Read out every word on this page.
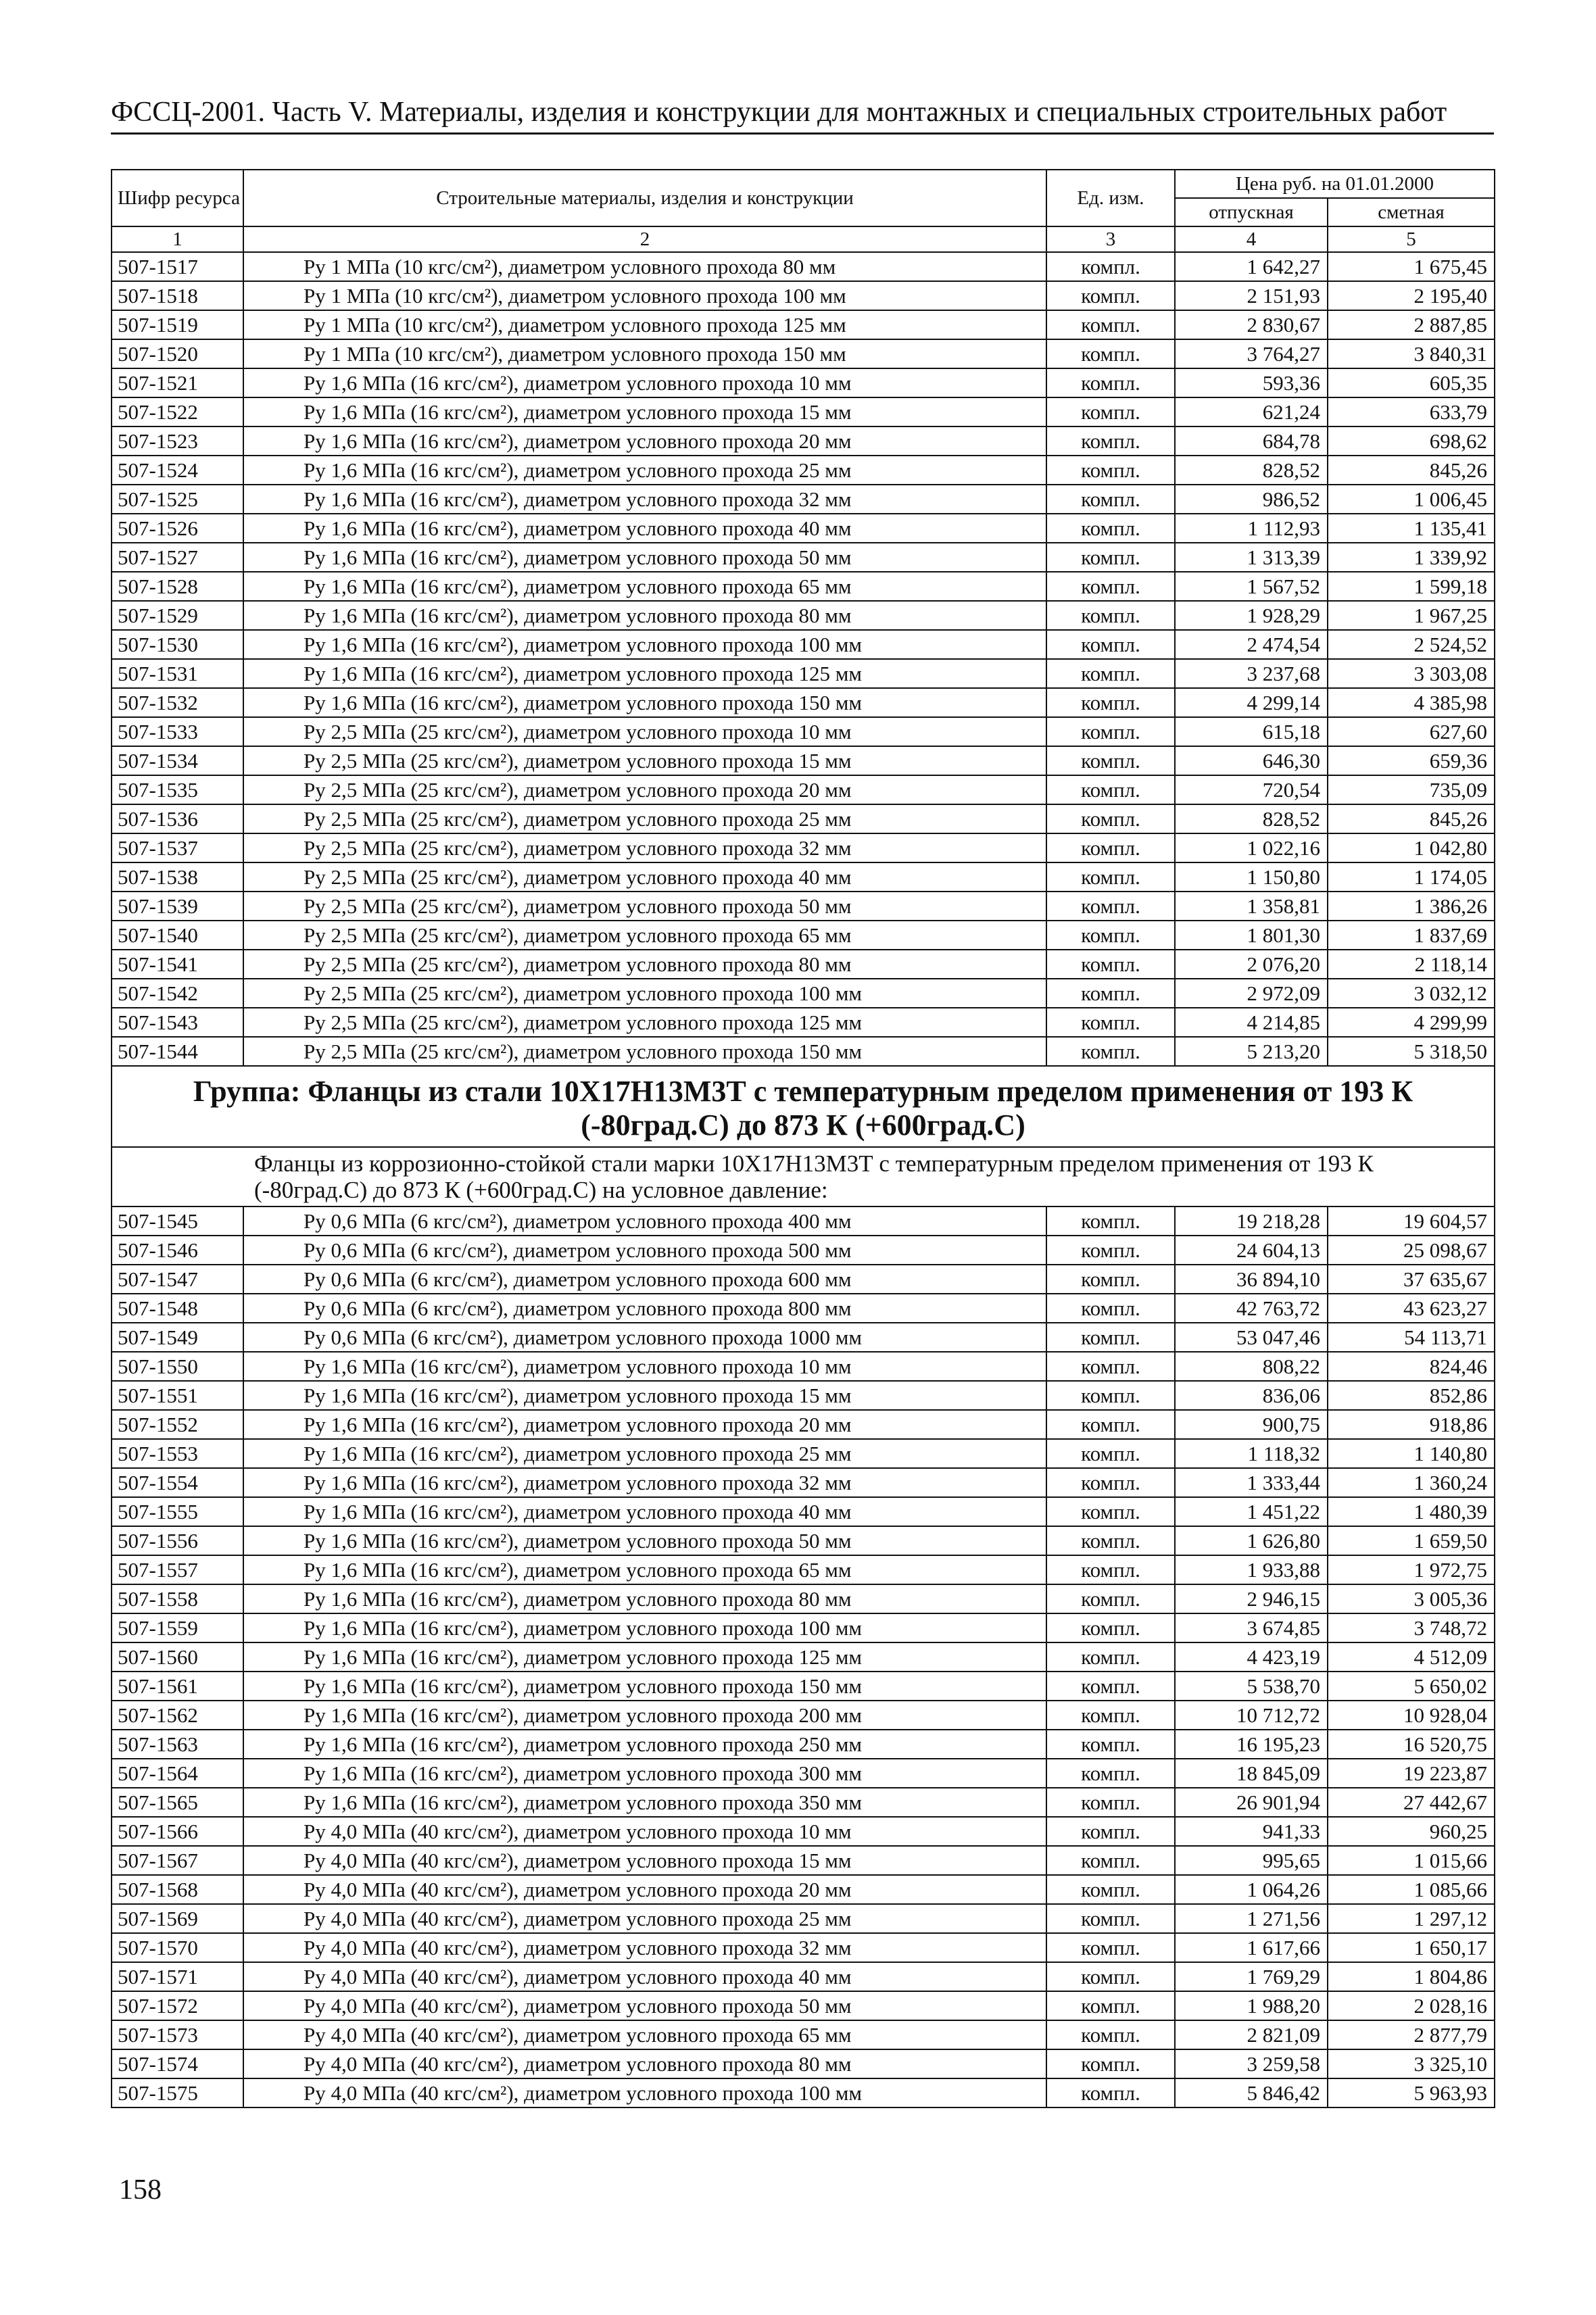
ФССЦ-2001. Часть V. Материалы, изделия и конструкции для монтажных и специальных строительных работ
Шифр ресурса	Строительные материалы, изделия и конструкции	Ед. изм.	Цена руб. на 01.01.2000	
			отпускная	сметная
1	2	3	4	5
507-1517	Ру 1 МПа (10 кгс/см²), диаметром условного прохода 80 мм	компл.	1 642,27	1 675,45
507-1518	Ру 1 МПа (10 кгс/см²), диаметром условного прохода 100 мм	компл.	2 151,93	2 195,40
507-1519	Ру 1 МПа (10 кгс/см²), диаметром условного прохода 125 мм	компл.	2 830,67	2 887,85
507-1520	Ру 1 МПа (10 кгс/см²), диаметром условного прохода 150 мм	компл.	3 764,27	3 840,31
507-1521	Ру 1,6 МПа (16 кгс/см²), диаметром условного прохода 10 мм	компл.	593,36	605,35
507-1522	Ру 1,6 МПа (16 кгс/см²), диаметром условного прохода 15 мм	компл.	621,24	633,79
507-1523	Ру 1,6 МПа (16 кгс/см²), диаметром условного прохода 20 мм	компл.	684,78	698,62
507-1524	Ру 1,6 МПа (16 кгс/см²), диаметром условного прохода 25 мм	компл.	828,52	845,26
507-1525	Ру 1,6 МПа (16 кгс/см²), диаметром условного прохода 32 мм	компл.	986,52	1 006,45
507-1526	Ру 1,6 МПа (16 кгс/см²), диаметром условного прохода 40 мм	компл.	1 112,93	1 135,41
507-1527	Ру 1,6 МПа (16 кгс/см²), диаметром условного прохода 50 мм	компл.	1 313,39	1 339,92
507-1528	Ру 1,6 МПа (16 кгс/см²), диаметром условного прохода 65 мм	компл.	1 567,52	1 599,18
507-1529	Ру 1,6 МПа (16 кгс/см²), диаметром условного прохода 80 мм	компл.	1 928,29	1 967,25
507-1530	Ру 1,6 МПа (16 кгс/см²), диаметром условного прохода 100 мм	компл.	2 474,54	2 524,52
507-1531	Ру 1,6 МПа (16 кгс/см²), диаметром условного прохода 125 мм	компл.	3 237,68	3 303,08
507-1532	Ру 1,6 МПа (16 кгс/см²), диаметром условного прохода 150 мм	компл.	4 299,14	4 385,98
507-1533	Ру 2,5 МПа (25 кгс/см²), диаметром условного прохода 10 мм	компл.	615,18	627,60
507-1534	Ру 2,5 МПа (25 кгс/см²), диаметром условного прохода 15 мм	компл.	646,30	659,36
507-1535	Ру 2,5 МПа (25 кгс/см²), диаметром условного прохода 20 мм	компл.	720,54	735,09
507-1536	Ру 2,5 МПа (25 кгс/см²), диаметром условного прохода 25 мм	компл.	828,52	845,26
507-1537	Ру 2,5 МПа (25 кгс/см²), диаметром условного прохода 32 мм	компл.	1 022,16	1 042,80
507-1538	Ру 2,5 МПа (25 кгс/см²), диаметром условного прохода 40 мм	компл.	1 150,80	1 174,05
507-1539	Ру 2,5 МПа (25 кгс/см²), диаметром условного прохода 50 мм	компл.	1 358,81	1 386,26
507-1540	Ру 2,5 МПа (25 кгс/см²), диаметром условного прохода 65 мм	компл.	1 801,30	1 837,69
507-1541	Ру 2,5 МПа (25 кгс/см²), диаметром условного прохода 80 мм	компл.	2 076,20	2 118,14
507-1542	Ру 2,5 МПа (25 кгс/см²), диаметром условного прохода 100 мм	компл.	2 972,09	3 032,12
507-1543	Ру 2,5 МПа (25 кгс/см²), диаметром условного прохода 125 мм	компл.	4 214,85	4 299,99
507-1544	Ру 2,5 МПа (25 кгс/см²), диаметром условного прохода 150 мм	компл.	5 213,20	5 318,50
Группа: Фланцы из стали 10Х17Н13М3Т с температурным пределом применения от 193 К (-80град.С) до 873 К (+600град.С)				
Фланцы из коррозионно-стойкой стали марки 10Х17Н13М3Т с температурным пределом применения от 193 К (-80град.С) до 873 К (+600град.С) на условное давление:				
507-1545	Ру 0,6 МПа (6 кгс/см²), диаметром условного прохода 400 мм	компл.	19 218,28	19 604,57
507-1546	Ру 0,6 МПа (6 кгс/см²), диаметром условного прохода 500 мм	компл.	24 604,13	25 098,67
507-1547	Ру 0,6 МПа (6 кгс/см²), диаметром условного прохода 600 мм	компл.	36 894,10	37 635,67
507-1548	Ру 0,6 МПа (6 кгс/см²), диаметром условного прохода 800 мм	компл.	42 763,72	43 623,27
507-1549	Ру 0,6 МПа (6 кгс/см²), диаметром условного прохода 1000 мм	компл.	53 047,46	54 113,71
507-1550	Ру 1,6 МПа (16 кгс/см²), диаметром условного прохода 10 мм	компл.	808,22	824,46
507-1551	Ру 1,6 МПа (16 кгс/см²), диаметром условного прохода 15 мм	компл.	836,06	852,86
507-1552	Ру 1,6 МПа (16 кгс/см²), диаметром условного прохода 20 мм	компл.	900,75	918,86
507-1553	Ру 1,6 МПа (16 кгс/см²), диаметром условного прохода 25 мм	компл.	1 118,32	1 140,80
507-1554	Ру 1,6 МПа (16 кгс/см²), диаметром условного прохода 32 мм	компл.	1 333,44	1 360,24
507-1555	Ру 1,6 МПа (16 кгс/см²), диаметром условного прохода 40 мм	компл.	1 451,22	1 480,39
507-1556	Ру 1,6 МПа (16 кгс/см²), диаметром условного прохода 50 мм	компл.	1 626,80	1 659,50
507-1557	Ру 1,6 МПа (16 кгс/см²), диаметром условного прохода 65 мм	компл.	1 933,88	1 972,75
507-1558	Ру 1,6 МПа (16 кгс/см²), диаметром условного прохода 80 мм	компл.	2 946,15	3 005,36
507-1559	Ру 1,6 МПа (16 кгс/см²), диаметром условного прохода 100 мм	компл.	3 674,85	3 748,72
507-1560	Ру 1,6 МПа (16 кгс/см²), диаметром условного прохода 125 мм	компл.	4 423,19	4 512,09
507-1561	Ру 1,6 МПа (16 кгс/см²), диаметром условного прохода 150 мм	компл.	5 538,70	5 650,02
507-1562	Ру 1,6 МПа (16 кгс/см²), диаметром условного прохода 200 мм	компл.	10 712,72	10 928,04
507-1563	Ру 1,6 МПа (16 кгс/см²), диаметром условного прохода 250 мм	компл.	16 195,23	16 520,75
507-1564	Ру 1,6 МПа (16 кгс/см²), диаметром условного прохода 300 мм	компл.	18 845,09	19 223,87
507-1565	Ру 1,6 МПа (16 кгс/см²), диаметром условного прохода 350 мм	компл.	26 901,94	27 442,67
507-1566	Ру 4,0 МПа (40 кгс/см²), диаметром условного прохода 10 мм	компл.	941,33	960,25
507-1567	Ру 4,0 МПа (40 кгс/см²), диаметром условного прохода 15 мм	компл.	995,65	1 015,66
507-1568	Ру 4,0 МПа (40 кгс/см²), диаметром условного прохода 20 мм	компл.	1 064,26	1 085,66
507-1569	Ру 4,0 МПа (40 кгс/см²), диаметром условного прохода 25 мм	компл.	1 271,56	1 297,12
507-1570	Ру 4,0 МПа (40 кгс/см²), диаметром условного прохода 32 мм	компл.	1 617,66	1 650,17
507-1571	Ру 4,0 МПа (40 кгс/см²), диаметром условного прохода 40 мм	компл.	1 769,29	1 804,86
507-1572	Ру 4,0 МПа (40 кгс/см²), диаметром условного прохода 50 мм	компл.	1 988,20	2 028,16
507-1573	Ру 4,0 МПа (40 кгс/см²), диаметром условного прохода 65 мм	компл.	2 821,09	2 877,79
507-1574	Ру 4,0 МПа (40 кгс/см²), диаметром условного прохода 80 мм	компл.	3 259,58	3 325,10
507-1575	Ру 4,0 МПа (40 кгс/см²), диаметром условного прохода 100 мм	компл.	5 846,42	5 963,93
158
